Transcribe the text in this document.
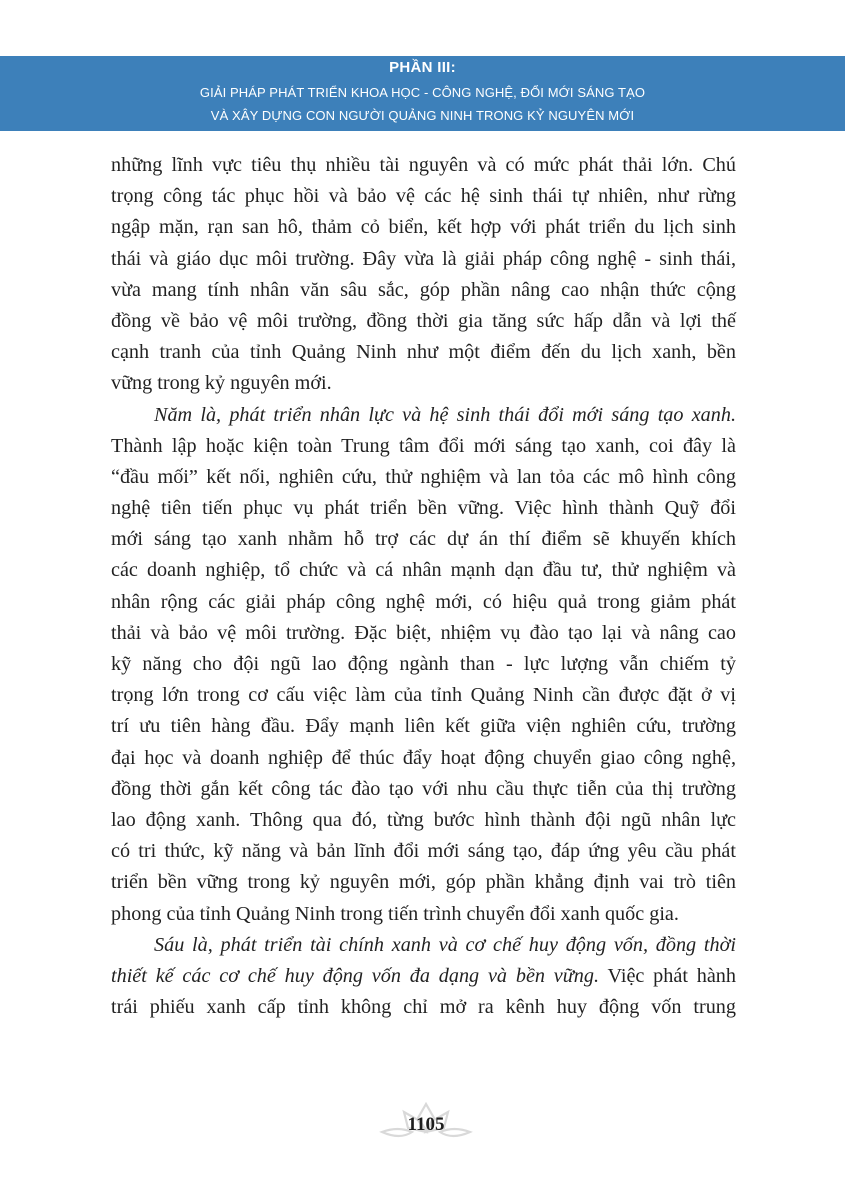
PHẦN III:
GIẢI PHÁP PHÁT TRIỂN KHOA HỌC - CÔNG NGHỆ, ĐỔI MỚI SÁNG TẠO
VÀ XÂY DỰNG CON NGƯỜI QUẢNG NINH TRONG KỶ NGUYÊN MỚI
những lĩnh vực tiêu thụ nhiều tài nguyên và có mức phát thải lớn. Chú
trọng công tác phục hồi và bảo vệ các hệ sinh thái tự nhiên, như rừng
ngập mặn, rạn san hô, thảm cỏ biển, kết hợp với phát triển du lịch sinh
thái và giáo dục môi trường. Đây vừa là giải pháp công nghệ - sinh thái,
vừa mang tính nhân văn sâu sắc, góp phần nâng cao nhận thức cộng
đồng về bảo vệ môi trường, đồng thời gia tăng sức hấp dẫn và lợi thế
cạnh tranh của tỉnh Quảng Ninh như một điểm đến du lịch xanh, bền
vững trong kỷ nguyên mới.
Năm là, phát triển nhân lực và hệ sinh thái đổi mới sáng tạo xanh.
Thành lập hoặc kiện toàn Trung tâm đổi mới sáng tạo xanh, coi đây là
“đầu mối” kết nối, nghiên cứu, thử nghiệm và lan tỏa các mô hình công
nghệ tiên tiến phục vụ phát triển bền vững. Việc hình thành Quỹ đổi
mới sáng tạo xanh nhằm hỗ trợ các dự án thí điểm sẽ khuyến khích
các doanh nghiệp, tổ chức và cá nhân mạnh dạn đầu tư, thử nghiệm và
nhân rộng các giải pháp công nghệ mới, có hiệu quả trong giảm phát
thải và bảo vệ môi trường. Đặc biệt, nhiệm vụ đào tạo lại và nâng cao
kỹ năng cho đội ngũ lao động ngành than - lực lượng vẫn chiếm tỷ
trọng lớn trong cơ cấu việc làm của tỉnh Quảng Ninh cần được đặt ở vị
trí ưu tiên hàng đầu. Đẩy mạnh liên kết giữa viện nghiên cứu, trường
đại học và doanh nghiệp để thúc đẩy hoạt động chuyển giao công nghệ,
đồng thời gắn kết công tác đào tạo với nhu cầu thực tiễn của thị trường
lao động xanh. Thông qua đó, từng bước hình thành đội ngũ nhân lực
có tri thức, kỹ năng và bản lĩnh đổi mới sáng tạo, đáp ứng yêu cầu phát
triển bền vững trong kỷ nguyên mới, góp phần khẳng định vai trò tiên
phong của tỉnh Quảng Ninh trong tiến trình chuyển đổi xanh quốc gia.
Sáu là, phát triển tài chính xanh và cơ chế huy động vốn, đồng thời
thiết kế các cơ chế huy động vốn đa dạng và bền vững. Việc phát hành
trái phiếu xanh cấp tỉnh không chỉ mở ra kênh huy động vốn trung
1105
